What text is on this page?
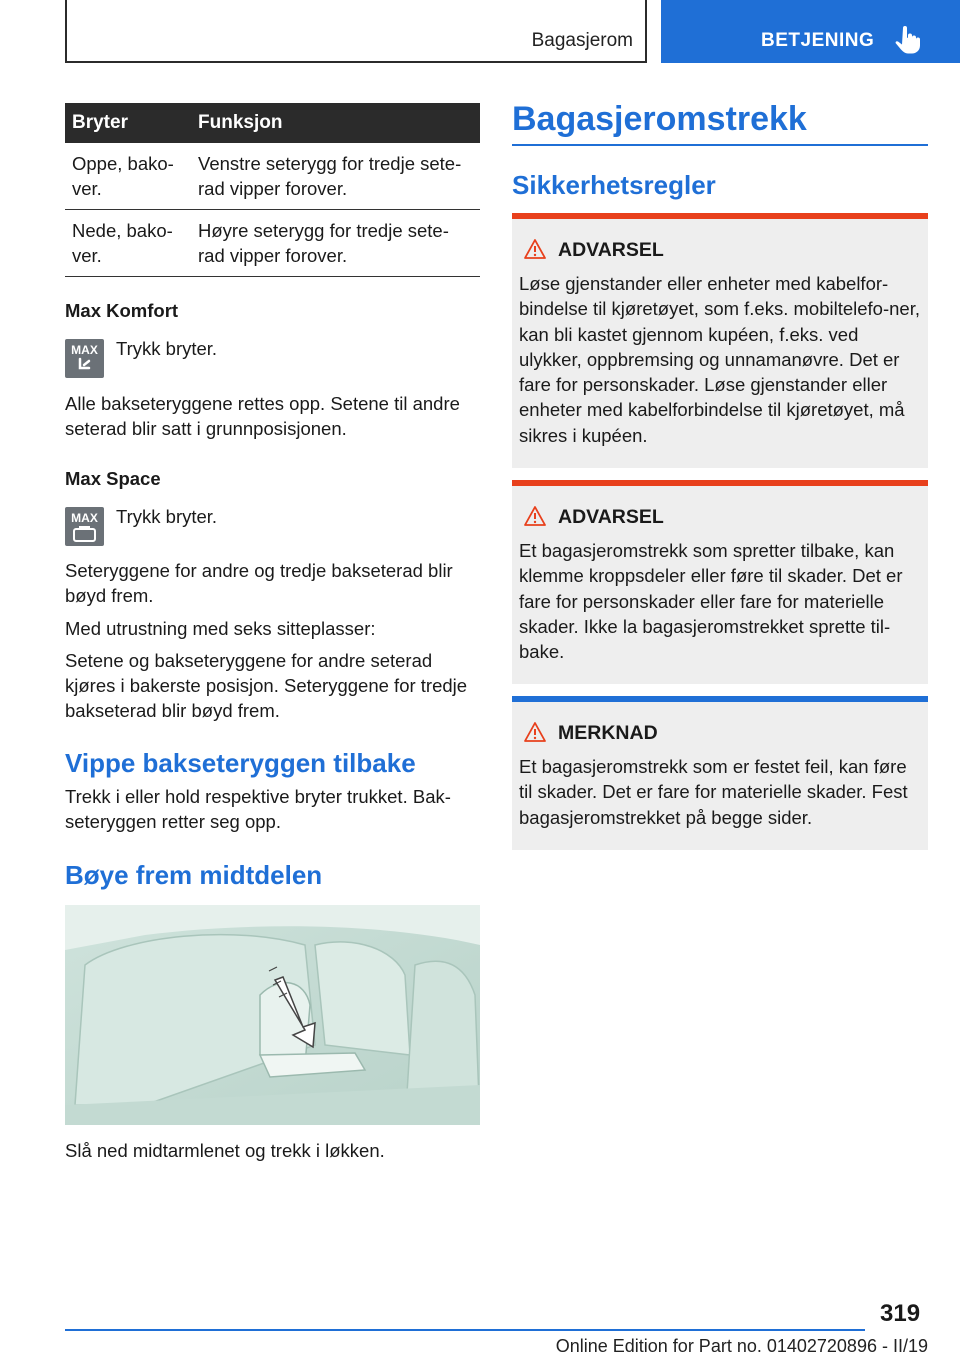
Bagasjerom	BETJENING
Bryter	Funksjon
Oppe, bako-ver.	Venstre seterygg for tredje sete-rad vipper forover.
Nede, bako-ver.	Høyre seterygg for tredje sete-rad vipper forover.
Max Komfort
MAX Trykk bryter.
Alle bakseteryggene rettes opp. Setene til andre seterad blir satt i grunnposisjonen.
Max Space
MAX Trykk bryter.
Seteryggene for andre og tredje bakseterad blir bøyd frem.
Med utrustning med seks sitteplasser:
Setene og bakseteryggene for andre seterad kjøres i bakerste posisjon. Seteryggene for tredje bakseterad blir bøyd frem.
Vippe bakseteryggen tilbake
Trekk i eller hold respektive bryter trukket. Bak-seteryggen retter seg opp.
Bøye frem midtdelen
Slå ned midtarmlenet og trekk i løkken.
Bagasjeromstrekk
Sikkerhetsregler
ADVARSEL
Løse gjenstander eller enheter med kabelfor-bindelse til kjøretøyet, som f.eks. mobiltelefo-ner, kan bli kastet gjennom kupéen, f.eks. ved ulykker, oppbremsing og unnamanøvre. Det er fare for personskader. Løse gjenstander eller enheter med kabelforbindelse til kjøretøyet, må sikres i kupéen.
ADVARSEL
Et bagasjeromstrekk som spretter tilbake, kan klemme kroppsdeler eller føre til skader. Det er fare for personskader eller fare for materielle skader. Ikke la bagasjeromstrekket sprette til-bake.
MERKNAD
Et bagasjeromstrekk som er festet feil, kan føre til skader. Det er fare for materielle skader. Fest bagasjeromstrekket på begge sider.
319
Online Edition for Part no. 01402720896 - II/19
